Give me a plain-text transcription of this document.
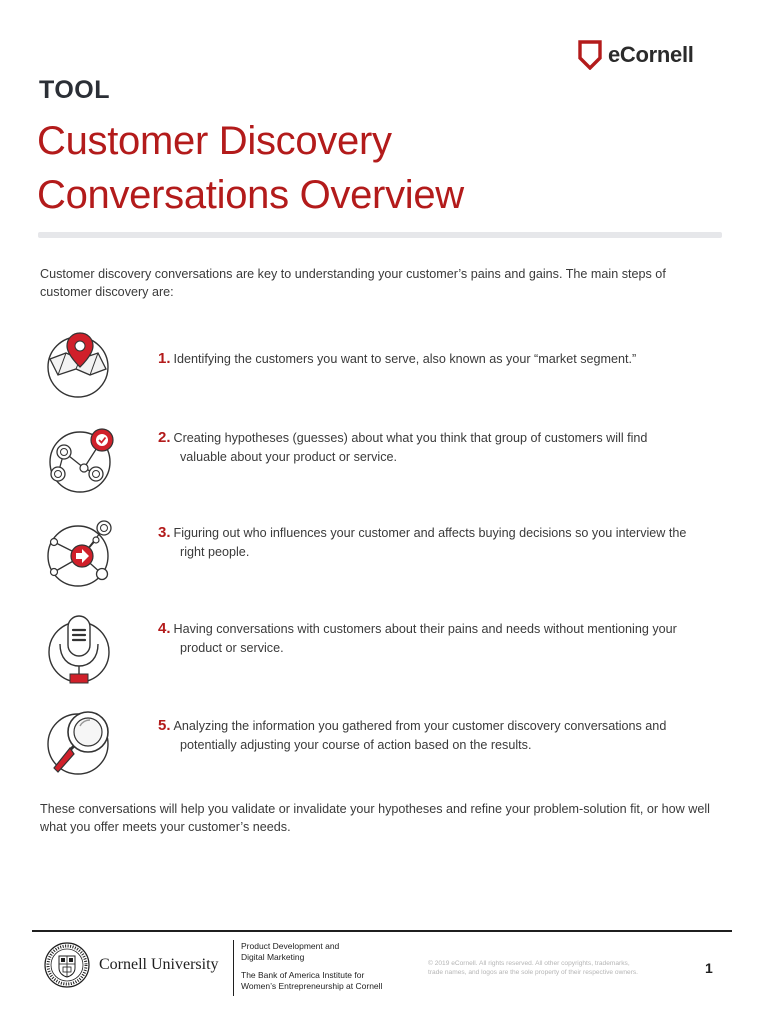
eCornell
TOOL
Customer Discovery
Conversations Overview

Customer discovery conversations are key to understanding your customer’s pains and gains. The main steps of customer discovery are:

1. Identifying the customers you want to serve, also known as your “market segment.”

2. Creating hypotheses (guesses) about what you think that group of customers will find valuable about your product or service.

3. Figuring out who influences your customer and affects buying decisions so you interview the right people.

4. Having conversations with customers about their pains and needs without mentioning your product or service.

5. Analyzing the information you gathered from your customer discovery conversations and potentially adjusting your course of action based on the results.

These conversations will help you validate or invalidate your hypotheses and refine your problem-solution fit, or how well what you offer meets your customer’s needs.

Cornell University
Product Development and
Digital Marketing
The Bank of America Institute for
Women’s Entrepreneurship at Cornell
© 2019 eCornell. All rights reserved. All other copyrights, trademarks,
trade names, and logos are the sole property of their respective owners.	1
